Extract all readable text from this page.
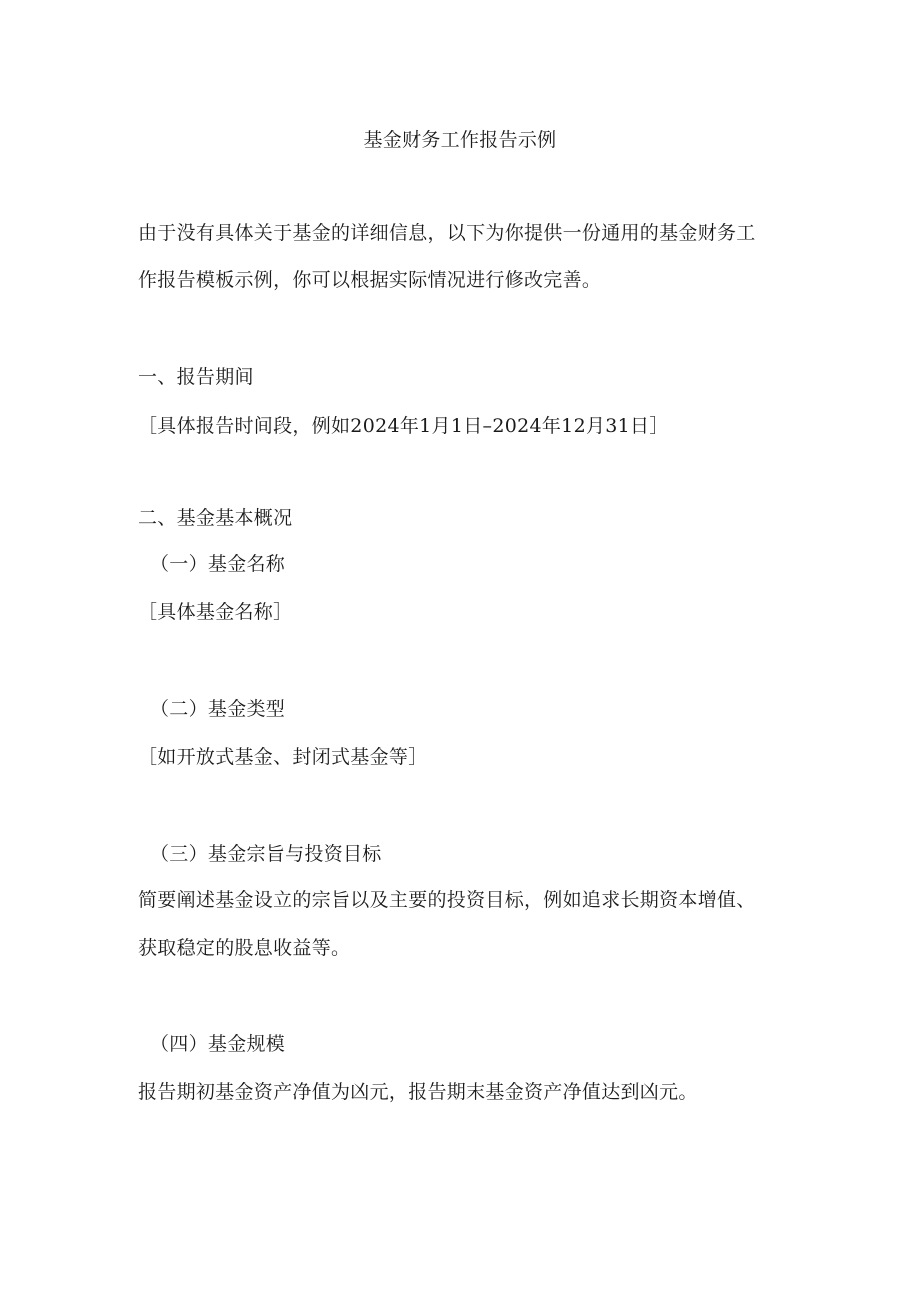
基金财务工作报告示例
由于没有具体关于基金的详细信息，以下为你提供一份通用的基金财务工
作报告模板示例，你可以根据实际情况进行修改完善。
一、报告期间
［具体报告时间段，例如2024年1月1日–2024年12月31日］
二、基金基本概况
（一）基金名称
［具体基金名称］
（二）基金类型
［如开放式基金、封闭式基金等］
（三）基金宗旨与投资目标
简要阐述基金设立的宗旨以及主要的投资目标，例如追求长期资本增值、
获取稳定的股息收益等。
（四）基金规模
报告期初基金资产净值为凶元，报告期末基金资产净值达到凶元。
